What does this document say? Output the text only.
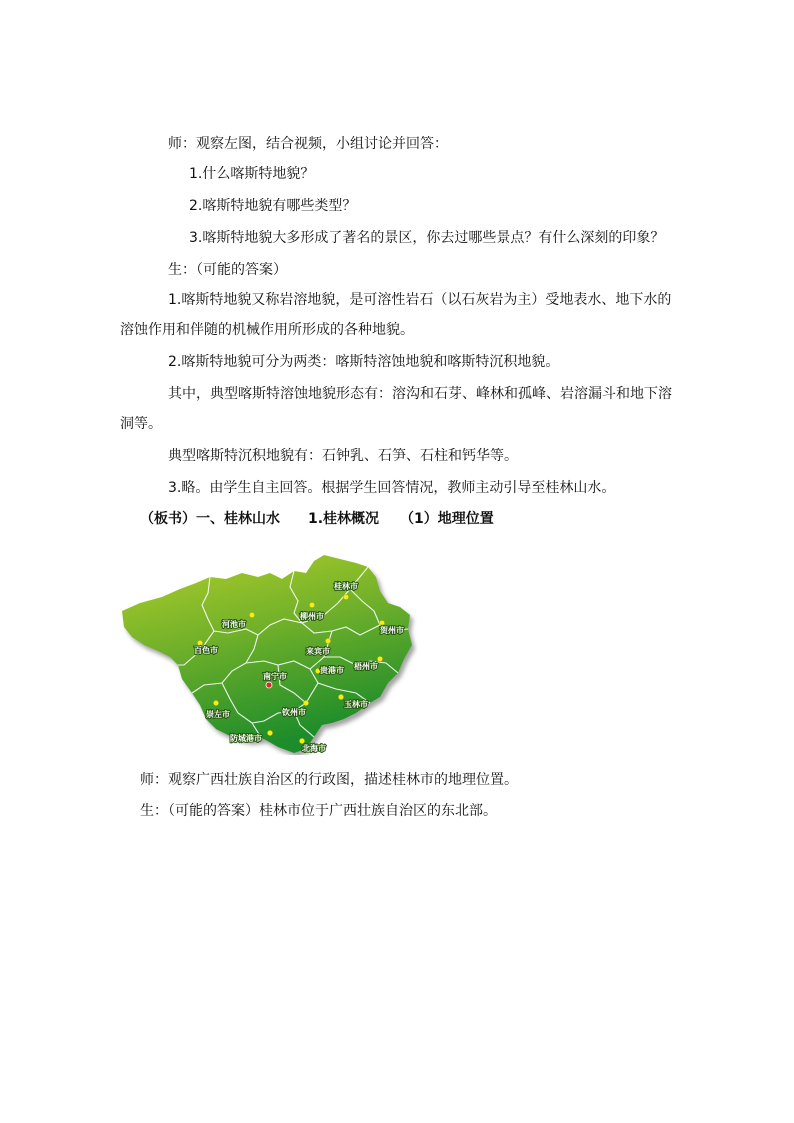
师：观察左图，结合视频，小组讨论并回答：
1.什么喀斯特地貌？
2.喀斯特地貌有哪些类型？
3.喀斯特地貌大多形成了著名的景区，你去过哪些景点？有什么深刻的印象？
生：（可能的答案）
1.喀斯特地貌又称岩溶地貌，是可溶性岩石（以石灰岩为主）受地表水、地下水的
溶蚀作用和伴随的机械作用所形成的各种地貌。
2.喀斯特地貌可分为两类：喀斯特溶蚀地貌和喀斯特沉积地貌。
其中，典型喀斯特溶蚀地貌形态有：溶沟和石芽、峰林和孤峰、岩溶漏斗和地下溶
洞等。
典型喀斯特沉积地貌有：石钟乳、石笋、石柱和钙华等。
3.略。由学生自主回答。根据学生回答情况，教师主动引导至桂林山水。
（板书）一、桂林山水　　1.桂林概况　　（1）地理位置
桂林市
河池市
柳州市
贺州市
百色市	来宾市
贵港市 梧州市
南宁市
玉林市
崇左市	钦州市
防城港市
北海市
师：观察广西壮族自治区的行政图，描述桂林市的地理位置。
生：（可能的答案）桂林市位于广西壮族自治区的东北部。
